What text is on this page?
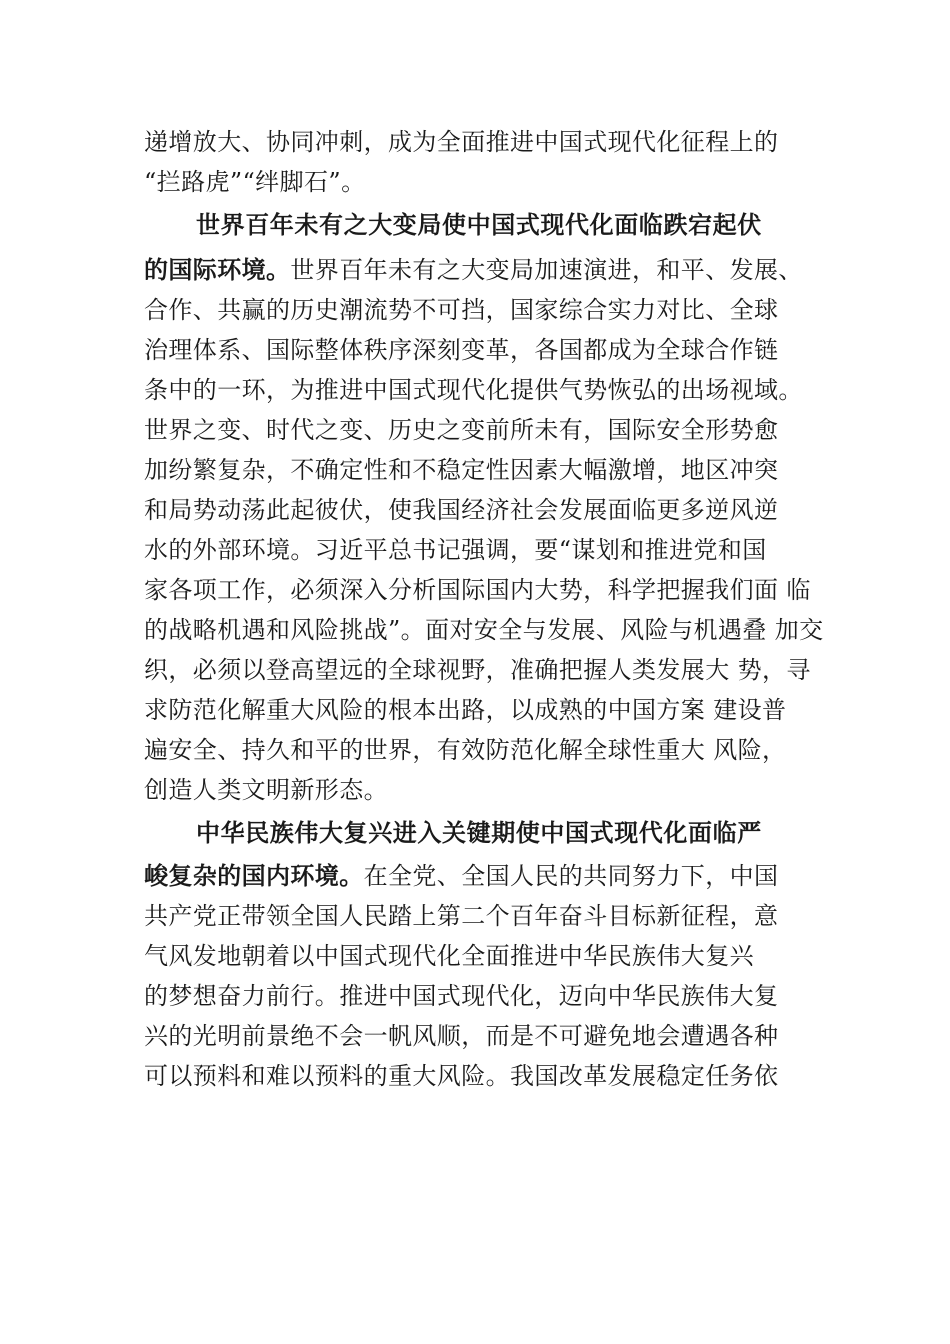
递增放大、协同冲刺，成为全面推进中国式现代化征程上的
“拦路虎”“绊脚石”。
世界百年未有之大变局使中国式现代化面临跌宕起伏
的国际环境。世界百年未有之大变局加速演进，和平、发展、
合作、共赢的历史潮流势不可挡，国家综合实力对比、全球
治理体系、国际整体秩序深刻变革，各国都成为全球合作链
条中的一环，为推进中国式现代化提供气势恢弘的出场视域。
世界之变、时代之变、历史之变前所未有，国际安全形势愈
加纷繁复杂，不确定性和不稳定性因素大幅激增，地区冲突
和局势动荡此起彼伏，使我国经济社会发展面临更多逆风逆
水的外部环境。习近平总书记强调，要“谋划和推进党和国
家各项工作，必须深入分析国际国内大势，科学把握我们面 临
的战略机遇和风险挑战”。面对安全与发展、风险与机遇叠 加交
织，必须以登高望远的全球视野，准确把握人类发展大 势，寻
求防范化解重大风险的根本出路，以成熟的中国方案 建设普
遍安全、持久和平的世界，有效防范化解全球性重大 风险，
创造人类文明新形态。
中华民族伟大复兴进入关键期使中国式现代化面临严
峻复杂的国内环境。在全党、全国人民的共同努力下，中国
共产党正带领全国人民踏上第二个百年奋斗目标新征程，意
气风发地朝着以中国式现代化全面推进中华民族伟大复兴
的梦想奋力前行。推进中国式现代化，迈向中华民族伟大复
兴的光明前景绝不会一帆风顺，而是不可避免地会遭遇各种
可以预料和难以预料的重大风险。我国改革发展稳定任务依
